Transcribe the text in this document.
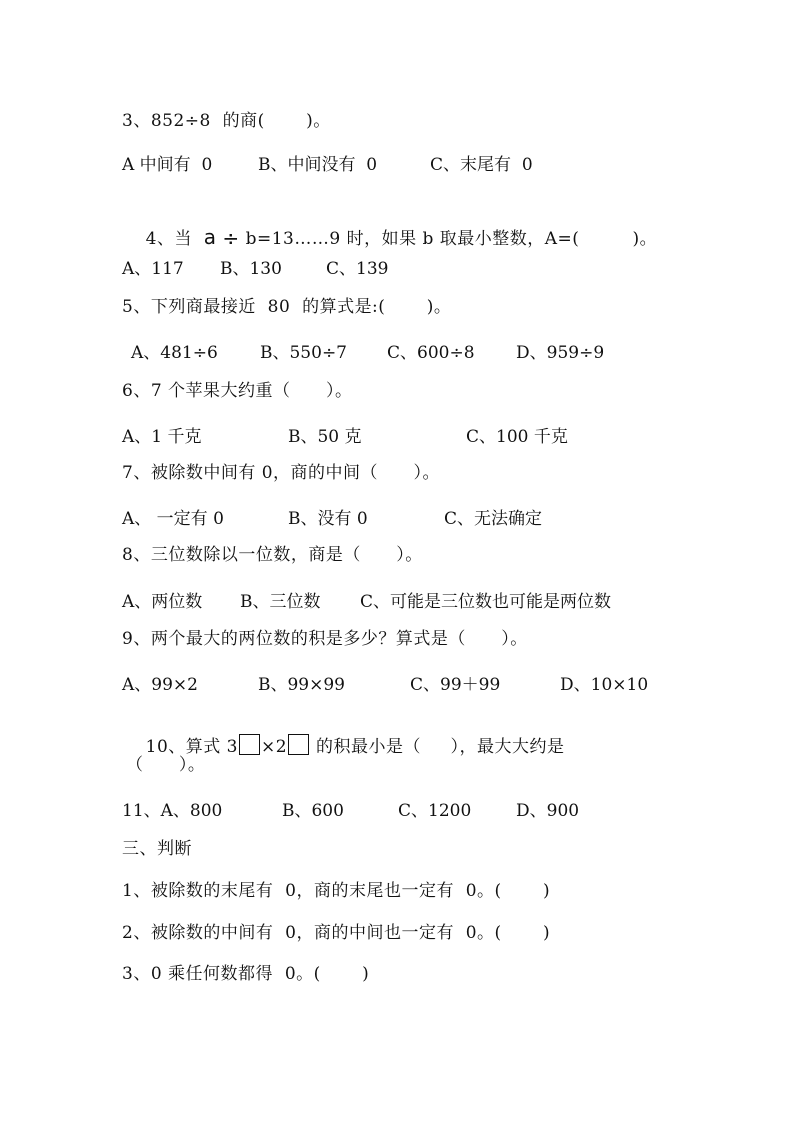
3、852÷8  的商(       )。
A 中间有  0	B、中间没有  0	C、末尾有  0

4、当  a ÷ b=13……9 时，如果 b 取最小整数，A=(         )。

A、117 B、130	C、139
5、下列商最接近  80  的算式是:(       )。
A、481÷6 B、550÷7 C、600÷8 D、959÷9
6、7 个苹果大约重（      ）。
A、1 千克	B、50 克	C、100 千克
7、被除数中间有 0，商的中间（      ）。
A、 一定有 0	B、没有 0	C、无法确定
8、三位数除以一位数，商是（      ）。
A、两位数 B、三位数 C、可能是三位数也可能是两位数
9、两个最大的两位数的积是多少？算式是（      ）。
A、99×2	B、99×99	C、99＋99	D、10×10

10、算式 3 ×2 的积最小是（     ），最大大约是

（      ）。
11、A、800	B、600	C、1200	D、900
三、判断
1、被除数的末尾有  0，商的末尾也一定有  0。(       )
2、被除数的中间有  0，商的中间也一定有  0。(       )
3、0 乘任何数都得  0。(       )
